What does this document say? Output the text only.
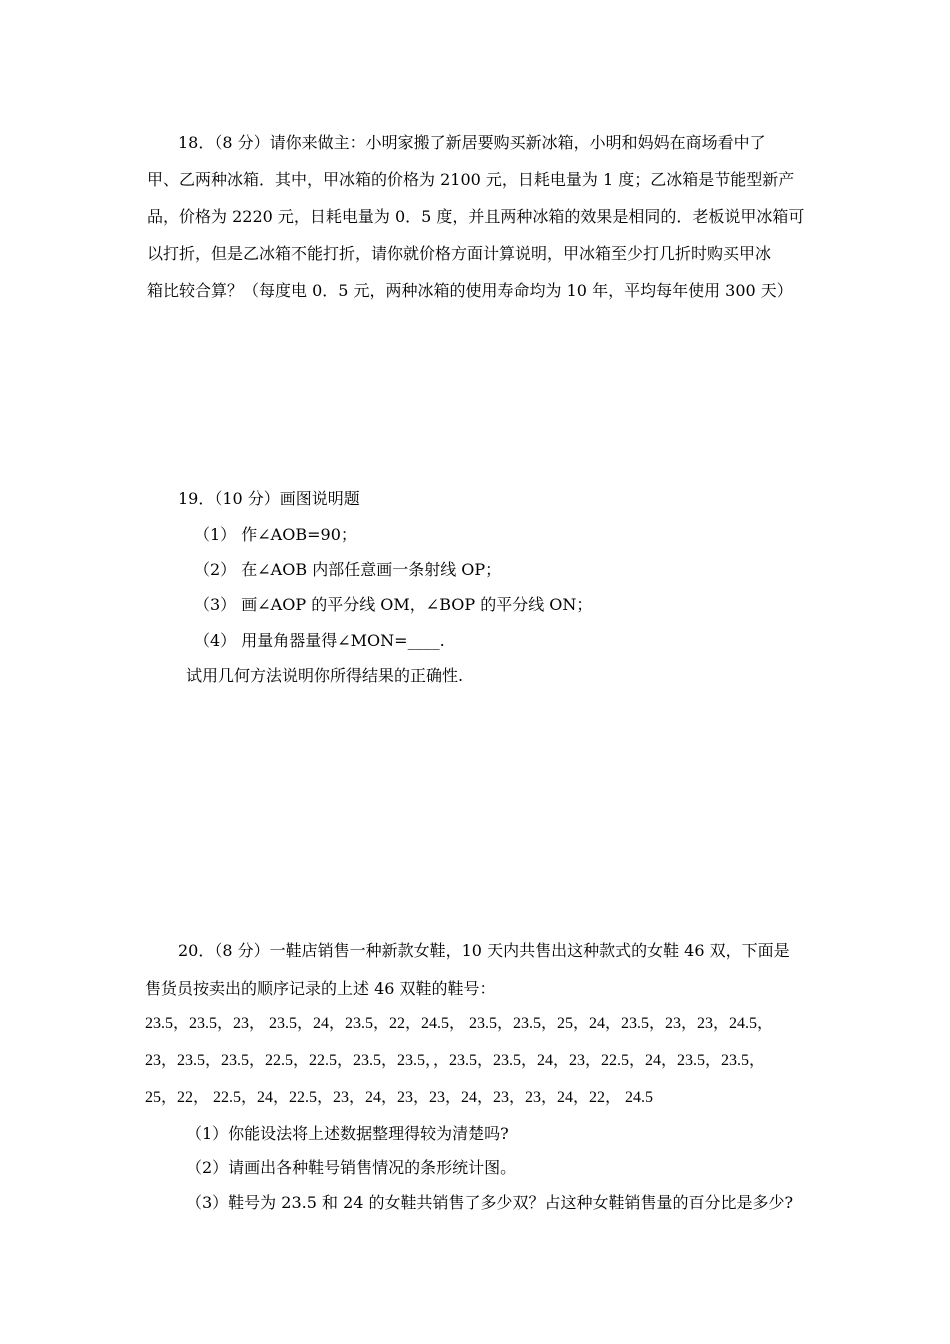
18．（8 分）请你来做主：小明家搬了新居要购买新冰箱，小明和妈妈在商场看中了
甲、乙两种冰箱．其中，甲冰箱的价格为 2100 元，日耗电量为 1 度；乙冰箱是节能型新产
品，价格为 2220 元，日耗电量为 0．5 度，并且两种冰箱的效果是相同的．老板说甲冰箱可
以打折，但是乙冰箱不能打折，请你就价格方面计算说明，甲冰箱至少打几折时购买甲冰
箱比较合算？（每度电 0．5 元，两种冰箱的使用寿命均为 10 年，平均每年使用 300 天）
19．（10 分）画图说明题
（1） 作∠AOB=90；
（2） 在∠AOB 内部任意画一条射线 OP；
（3） 画∠AOP 的平分线 OM，∠BOP 的平分线 ON；
（4） 用量角器量得∠MON=____.
试用几何方法说明你所得结果的正确性.
20．（8 分）一鞋店销售一种新款女鞋，10 天内共售出这种款式的女鞋 46 双，下面是
售货员按卖出的顺序记录的上述 46 双鞋的鞋号：
23.5，23.5，23， 23.5，24，23.5，22，24.5， 23.5，23.5，25，24，23.5，23，23，24.5，
23，23.5，23.5，22.5，22.5，23.5，23.5，，23.5，23.5，24，23，22.5，24，23.5，23.5，
25，22， 22.5，24，22.5，23，24，23，23，24，23，23，24，22， 24.5
（1）你能设法将上述数据整理得较为清楚吗?
（2）请画出各种鞋号销售情况的条形统计图。
（3）鞋号为 23.5 和 24 的女鞋共销售了多少双？占这种女鞋销售量的百分比是多少?
